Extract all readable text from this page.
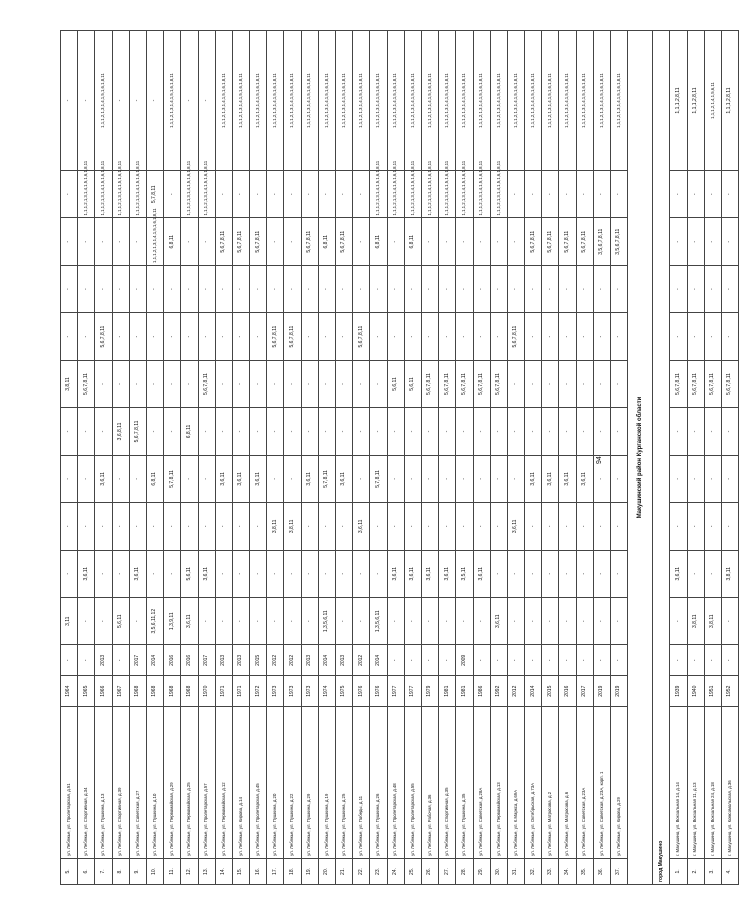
94
5.	ул. Лебяжье, ул. Пролетарская, д.51	1964	-	3,11	-	-	-	-	3,8,11	-	-	-	-	-
6.	ул. Лебяжье, ул. Спортивная, д.34	1965	-	-	3,6,11	-	-	-	5,6,7,8,11	-	-	-	1,1,1,2,1,3,1,4,1,5,1,6,1,8,11	-
7.	ул. Лебяжье, ул. Пушкина, д.13	1966	2013	-	-	-	3,6,11	-	-	5,6,7,8,11	-	-	1,1,1,2,1,3,1,4,1,5,1,6,1,8,11	1,1,1,2,1,3,1,4,1,5,1,6,1,8,11
8.	ул. Лебяжье, ул. Спортивная, д.39	1967	-	5,6,11	-	-	-	3,6,8,11	-	-	-	-	1,1,1,2,1,3,1,4,1,5,1,6,1,8,11	-
9.	ул. Лебяжье, ул. Советская, д.27	1968	2017	-	3,6,11	-	-	5,6,7,8,11	-	-	-	-	1,1,1,2,1,3,1,4,1,5,1,6,1,8,11	-
10.	ул. Лебяжье, ул. Пушкина, д.10	1968	2014	3,5,6,11,12	-	-	6,8,11	-	-	-	-	1,1,1,2,1,3,1,4,1,5,1,6,1,8,11	5,7,8,11	-
11.	ул. Лебяжье, ул. Первомайская, д.29	1968	2016	1,3,9,11	-	-	5,7,8,11	-	-	-	-	6,8,11	-	1,1,1,2,1,3,1,4,1,5,1,6,1,8,11
12.	ул. Лебяжье, ул. Первомайская, д.25	1968	2016	3,6,11	5,6,11	-	-	6,8,11	-	-	-	-	1,1,1,2,1,3,1,4,1,5,1,6,1,8,11	-
13.	ул. Лебяжье, ул. Пролетарская, д.57	1970	2017	-	3,6,11	-	-	-	5,6,7,8,11	-	-	-	1,1,1,2,1,3,1,4,1,5,1,6,1,8,11	-
14.	ул. Лебяжье, ул. Первомайская, д.12	1971	2013	-	-	-	3,6,11	-	-	-	-	5,6,7,8,11	-	1,1,1,2,1,3,1,4,1,5,1,6,1,8,11
15.	ул. Лебяжье, ул. Кирова, д.14	1971	2013	-	-	-	3,6,11	-	-	-	-	5,6,7,8,11	-	1,1,1,2,1,3,1,4,1,5,1,6,1,8,11
16.	ул. Лебяжье, ул. Пролетарская, д.45	1972	2015	-	-	-	3,6,11	-	-	-	-	5,6,7,8,11	-	1,1,1,2,1,3,1,4,1,5,1,6,1,8,11
17.	ул. Лебяжье, ул. Пушкина, д.20	1973	2012	-	-	3,8,11	-	-	-	5,6,7,8,11	-	-	-	1,1,1,2,1,3,1,4,1,5,1,6,1,8,11
18.	ул. Лебяжье, ул. Пушкина, д.22	1973	2012	-	-	3,8,11	-	-	-	5,6,7,8,11	-	-	-	1,1,1,2,1,3,1,4,1,5,1,6,1,8,11
19.	ул. Лебяжье, ул. Пушкина, д.29	1973	2013	-	-	-	3,6,11	-	-	-	-	5,6,7,8,11	-	1,1,1,2,1,3,1,4,1,5,1,6,1,8,11
20.	ул. Лебяжье, ул. Пушкина, д.19	1974	2014	1,3,5,6,11	-	-	5,7,8,11	-	-	-	-	6,8,11	-	1,1,1,2,1,3,1,4,1,5,1,6,1,8,11
21.	ул. Лебяжье, ул. Пушкина, д.25	1975	2013	-	-	-	3,6,11	-	-	-	-	5,6,7,8,11	-	1,1,1,2,1,3,1,4,1,5,1,6,1,8,11
22.	ул. Лебяжье, ул. Победы, д.11	1976	2012	-	-	3,6,11	-	-	-	5,6,7,8,11	-	-	-	1,1,1,2,1,3,1,4,1,5,1,6,1,8,11
23.	ул. Лебяжье, ул. Пушкина, д.26	1976	2014	1,3,5,6,11	-	-	5,7,8,11	-	-	-	-	6,8,11	1,1,1,2,1,3,1,4,1,5,1,6,1,8,11	1,1,1,2,1,3,1,4,1,5,1,6,1,8,11
24.	ул. Лебяжье, ул. Пролетарская, д.48	1977	-	-	3,6,11	-	-	-	5,6,11	-	-	-	1,1,1,2,1,3,1,4,1,5,1,6,1,8,11	1,1,1,2,1,3,1,4,1,5,1,6,1,8,11
25.	ул. Лебяжье, ул. Пролетарская, д.55	1977	-	-	3,6,11	-	-	-	5,6,11	-	-	6,8,11	1,1,1,2,1,3,1,4,1,5,1,6,1,8,11	1,1,1,2,1,3,1,4,1,5,1,6,1,8,11
26.	ул. Лебяжье, ул. Рабочая, д.36	1979	-	-	3,6,11	-	-	-	5,6,7,8,11	-	-	-	1,1,1,2,1,3,1,4,1,5,1,6,1,8,11	1,1,1,2,1,3,1,4,1,5,1,6,1,8,11
27.	ул. Лебяжье, ул. Спортивная, д.35	1981	-	-	3,6,11	-	-	-	5,6,7,8,11	-	-	-	1,1,1,2,1,3,1,4,1,5,1,6,1,8,11	1,1,1,2,1,3,1,4,1,5,1,6,1,8,11
28.	ул. Лебяжье, ул. Пушкина, д.35	1981	2009	-	3,5,11	-	-	-	5,6,7,8,11	-	-	-	1,1,1,2,1,3,1,4,1,5,1,6,1,8,11	1,1,1,2,1,3,1,4,1,5,1,6,1,8,11
29.	ул. Лебяжье, ул. Советская, д.28А	1986	-	-	3,6,11	-	-	-	5,6,7,8,11	-	-	-	1,1,1,2,1,3,1,4,1,5,1,6,1,8,11	1,1,1,2,1,3,1,4,1,5,1,6,1,8,11
30.	ул. Лебяжье, ул. Первомайская, д.13	1992	-	3,6,11	-	-	-	-	5,6,7,8,11	-	-	-	1,1,1,2,1,3,1,4,1,5,1,6,1,8,11	1,1,1,2,1,3,1,4,1,5,1,6,1,8,11
31.	ул. Лебяжье, ул. К.Маркса, д.69А	2012	-	-	-	3,6,11	-	-	-	5,6,7,8,11	-	-	-	1,1,1,2,1,3,1,4,1,5,1,6,1,8,11
32.	ул. Лебяжье, ул. Октябрьская, д.73А	2014	-	-	-	-	3,6,11	-	-	-	-	5,6,7,8,11	-	1,1,1,2,1,3,1,4,1,5,1,6,1,8,11
33.	ул. Лебяжье, ул. Матросова, д.2	2015	-	-	-	-	3,6,11	-	-	-	-	5,6,7,8,11	-	1,1,1,2,1,3,1,4,1,5,1,6,1,8,11
34.	ул. Лебяжье, ул. Матросова, д.6	2016	-	-	-	-	3,6,11	-	-	-	-	5,6,7,8,11	-	1,1,1,2,1,3,1,4,1,5,1,6,1,8,11
35.	ул. Лебяжье, ул. Советская, д.23А	2017	-	-	-	-	3,6,11	-	-	-	-	5,6,7,8,11	-	1,1,1,2,1,3,1,4,1,5,1,6,1,8,11
36.	ул. Лебяжье, ул. Советская, д.23А, корп. 1	2019	-	-	-	-	-	-	-	-	-	3,5,6,7,8,11	-	1,1,1,2,1,3,1,4,1,5,1,6,1,8,11
37.	ул. Лебяжье, ул. Кирова, д.29	2019	-	-	-	-	-	-	-	-	-	3,5,6,7,8,11	-	1,1,1,2,1,3,1,4,1,5,1,6,1,8,11
Макушинский район Курганской области														
город Макушино														
1.	г. Макушино, ул. Вокзальная 14, д.14	1939	-	-	3,6,11	-	-	-	5,6,7,8,11	-	-	-	-	1,1,1,2,8,11
2.	г. Макушино, ул. Вокзальная 11, д.13	1940	-	3,8,11	-	-	-	-	5,6,7,8,11	-	-	-	-	1,1,1,2,8,11
3.	г. Макушино, ул. Вокзальная 24, д.18	1951	-	3,8,11	-	-	-	-	5,6,7,8,11	-	-	-	-	1,1,1,2,1,4,1,5,6,11
4.	г. Макушино, ул. Комсомольская, д.36	1952	-	-	3,8,11	-	-	-	5,6,7,8,11	-	-	-	-	1,1,1,2,8,11
